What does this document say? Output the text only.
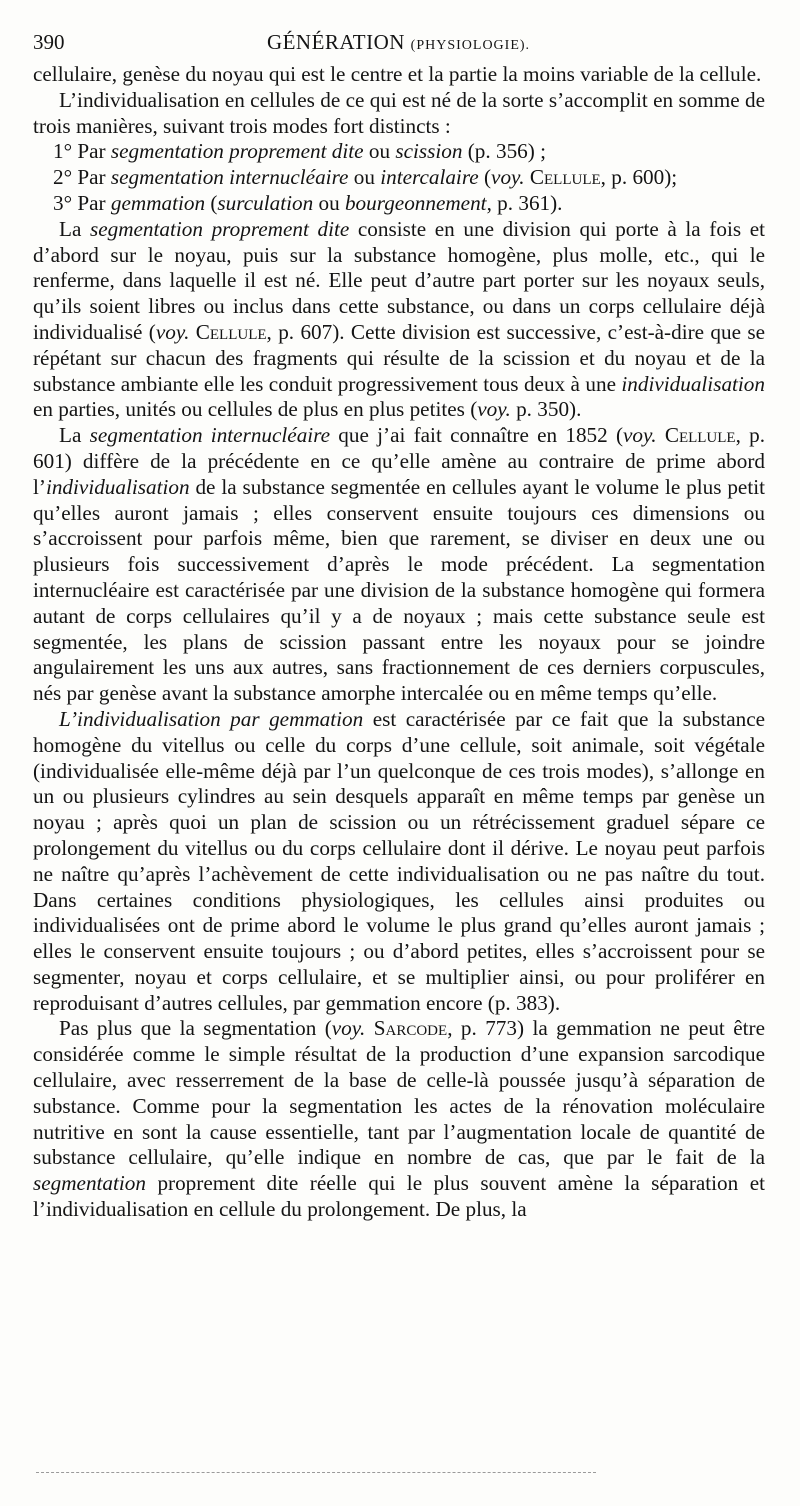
390	GÉNÉRATION (PHYSIOLOGIE).

cellulaire, genèse du noyau qui est le centre et la partie la moins variable de la cellule.

L’individualisation en cellules de ce qui est né de la sorte s’accomplit en somme de trois manières, suivant trois modes fort distincts :

1° Par segmentation proprement dite ou scission (p. 356) ;

2° Par segmentation internucléaire ou intercalaire (voy. Cellule, p. 600);

3° Par gemmation (surculation ou bourgeonnement, p. 361).

La segmentation proprement dite consiste en une division qui porte à la fois et d’abord sur le noyau, puis sur la substance homogène, plus molle, etc., qui le renferme, dans laquelle il est né. Elle peut d’autre part porter sur les noyaux seuls, qu’ils soient libres ou inclus dans cette substance, ou dans un corps cellulaire déjà individualisé (voy. Cellule, p. 607). Cette division est successive, c’est-à-dire que se répétant sur chacun des fragments qui résulte de la scission et du noyau et de la substance ambiante elle les conduit progressivement tous deux à une individualisation en parties, unités ou cellules de plus en plus petites (voy. p. 350).

La segmentation internucléaire que j’ai fait connaître en 1852 (voy. Cellule, p. 601) diffère de la précédente en ce qu’elle amène au contraire de prime abord l’individualisation de la substance segmentée en cellules ayant le volume le plus petit qu’elles auront jamais ; elles conservent ensuite toujours ces dimensions ou s’accroissent pour parfois même, bien que rarement, se diviser en deux une ou plusieurs fois successivement d’après le mode précédent. La segmentation internucléaire est caractérisée par une division de la substance homogène qui formera autant de corps cellulaires qu’il y a de noyaux ; mais cette substance seule est segmentée, les plans de scission passant entre les noyaux pour se joindre angulairement les uns aux autres, sans fractionnement de ces derniers corpuscules, nés par genèse avant la substance amorphe intercalée ou en même temps qu’elle.

L’individualisation par gemmation est caractérisée par ce fait que la substance homogène du vitellus ou celle du corps d’une cellule, soit animale, soit végétale (individualisée elle-même déjà par l’un quelconque de ces trois modes), s’allonge en un ou plusieurs cylindres au sein desquels apparaît en même temps par genèse un noyau ; après quoi un plan de scission ou un rétrécissement graduel sépare ce prolongement du vitellus ou du corps cellulaire dont il dérive. Le noyau peut parfois ne naître qu’après l’achèvement de cette individualisation ou ne pas naître du tout. Dans certaines conditions physiologiques, les cellules ainsi produites ou individualisées ont de prime abord le volume le plus grand qu’elles auront jamais ; elles le conservent ensuite toujours ; ou d’abord petites, elles s’accroissent pour se segmenter, noyau et corps cellulaire, et se multiplier ainsi, ou pour proliférer en reproduisant d’autres cellules, par gemmation encore (p. 383).

Pas plus que la segmentation (voy. Sarcode, p. 773) la gemmation ne peut être considérée comme le simple résultat de la production d’une expansion sarcodique cellulaire, avec resserrement de la base de celle-là poussée jusqu’à séparation de substance. Comme pour la segmentation les actes de la rénovation moléculaire nutritive en sont la cause essentielle, tant par l’augmentation locale de quantité de substance cellulaire, qu’elle indique en nombre de cas, que par le fait de la segmentation proprement dite réelle qui le plus souvent amène la séparation et l’individualisation en cellule du prolongement. De plus, la
